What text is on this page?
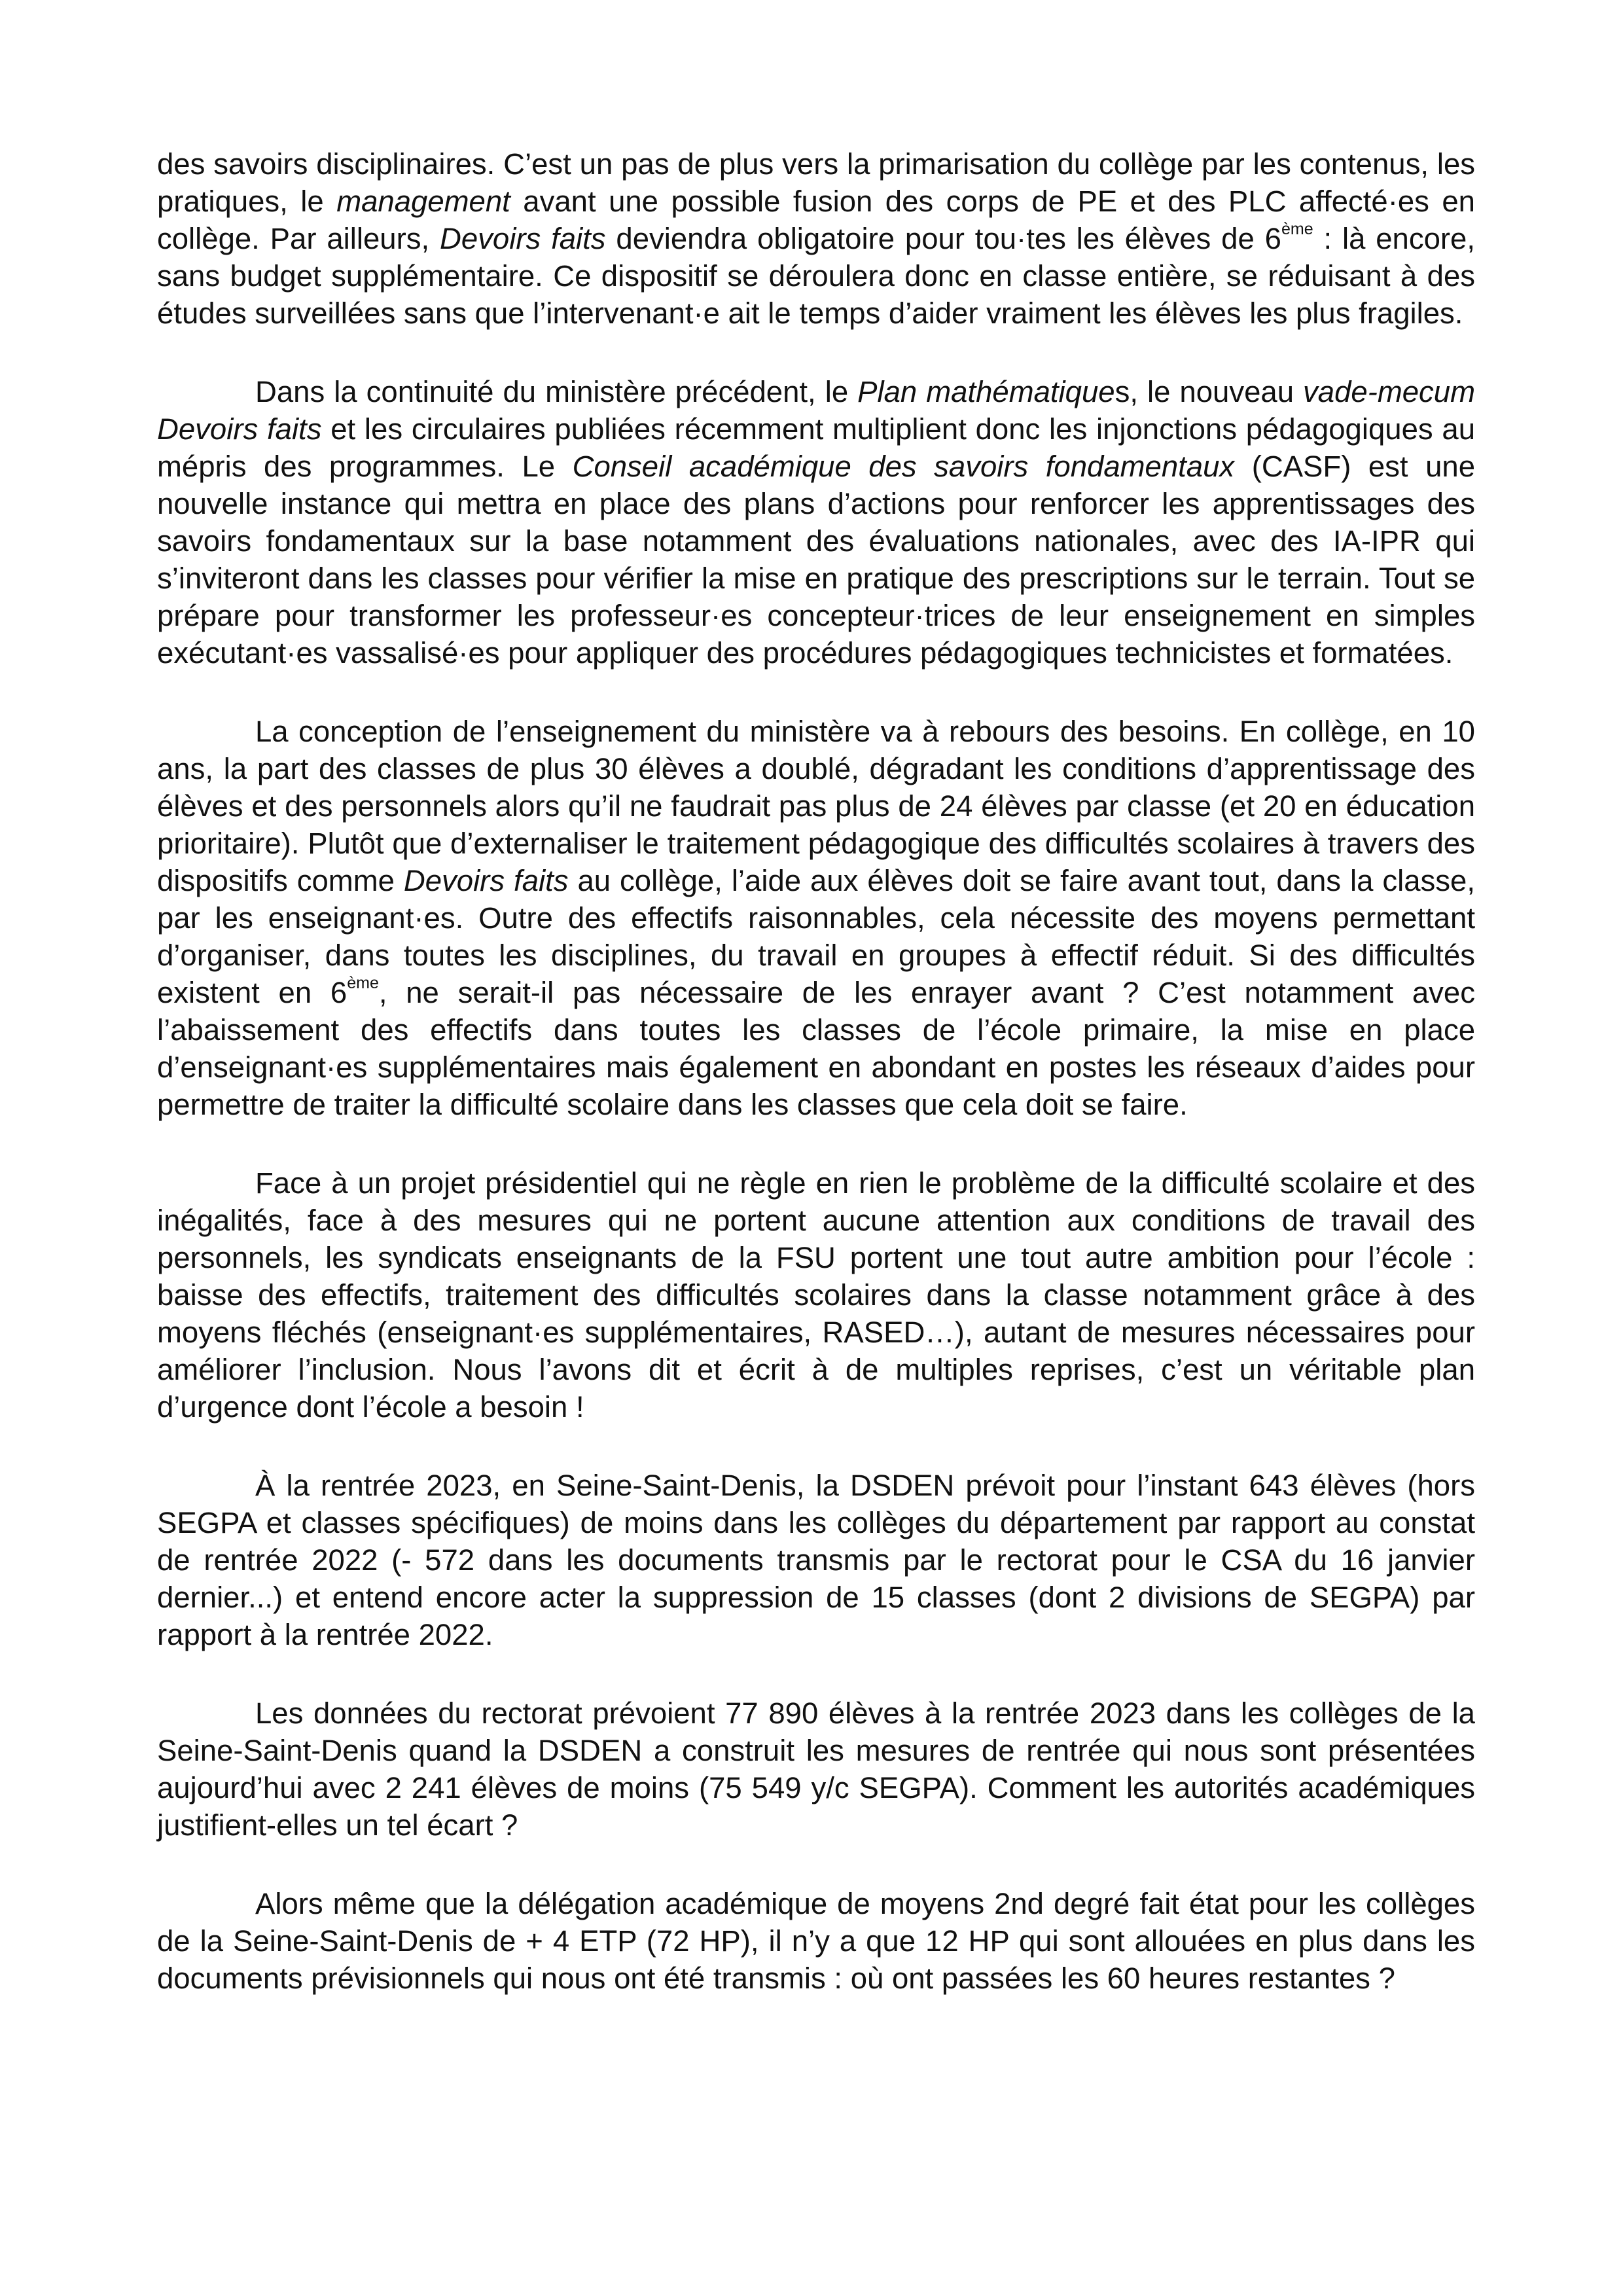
des savoirs disciplinaires. C’est un pas de plus vers la primarisation du collège par les contenus, les pratiques, le management avant une possible fusion des corps de PE et des PLC affecté·es en collège. Par ailleurs, Devoirs faits deviendra obligatoire pour tou·tes les élèves de 6ème : là encore, sans budget supplémentaire. Ce dispositif se déroulera donc en classe entière, se réduisant à des études surveillées sans que l’intervenant·e ait le temps d’aider vraiment les élèves les plus fragiles.

Dans la continuité du ministère précédent, le Plan mathématiques, le nouveau vade-mecum Devoirs faits et les circulaires publiées récemment multiplient donc les injonctions pédagogiques au mépris des programmes. Le Conseil académique des savoirs fondamentaux (CASF) est une nouvelle instance qui mettra en place des plans d’actions pour renforcer les apprentissages des savoirs fondamentaux sur la base notamment des évaluations nationales, avec des IA-IPR qui s’inviteront dans les classes pour vérifier la mise en pratique des prescriptions sur le terrain. Tout se prépare pour transformer les professeur·es concepteur·trices de leur enseignement en simples exécutant·es vassalisé·es pour appliquer des procédures pédagogiques technicistes et formatées.

La conception de l’enseignement du ministère va à rebours des besoins. En collège, en 10 ans, la part des classes de plus 30 élèves a doublé, dégradant les conditions d’apprentissage des élèves et des personnels alors qu’il ne faudrait pas plus de 24 élèves par classe (et 20 en éducation prioritaire). Plutôt que d’externaliser le traitement pédagogique des difficultés scolaires à travers des dispositifs comme Devoirs faits au collège, l’aide aux élèves doit se faire avant tout, dans la classe, par les enseignant·es. Outre des effectifs raisonnables, cela nécessite des moyens permettant d’organiser, dans toutes les disciplines, du travail en groupes à effectif réduit. Si des difficultés existent en 6ème, ne serait-il pas nécessaire de les enrayer avant ? C’est notamment avec l’abaissement des effectifs dans toutes les classes de l’école primaire, la mise en place d’enseignant·es supplémentaires mais également en abondant en postes les réseaux d’aides pour permettre de traiter la difficulté scolaire dans les classes que cela doit se faire.

Face à un projet présidentiel qui ne règle en rien le problème de la difficulté scolaire et des inégalités, face à des mesures qui ne portent aucune attention aux conditions de travail des personnels, les syndicats enseignants de la FSU portent une tout autre ambition pour l’école : baisse des effectifs, traitement des difficultés scolaires dans la classe notamment grâce à des moyens fléchés (enseignant·es supplémentaires, RASED…), autant de mesures nécessaires pour améliorer l’inclusion. Nous l’avons dit et écrit à de multiples reprises, c’est un véritable plan d’urgence dont l’école a besoin !

À la rentrée 2023, en Seine-Saint-Denis, la DSDEN prévoit pour l’instant 643 élèves (hors SEGPA et classes spécifiques) de moins dans les collèges du département par rapport au constat de rentrée 2022 (- 572 dans les documents transmis par le rectorat pour le CSA du 16 janvier dernier...) et entend encore acter la suppression de 15 classes (dont 2 divisions de SEGPA) par rapport à la rentrée 2022.

Les données du rectorat prévoient 77 890 élèves à la rentrée 2023 dans les collèges de la Seine-Saint-Denis quand la DSDEN a construit les mesures de rentrée qui nous sont présentées aujourd’hui avec 2 241 élèves de moins (75 549 y/c SEGPA). Comment les autorités académiques justifient-elles un tel écart ?

Alors même que la délégation académique de moyens 2nd degré fait état pour les collèges de la Seine-Saint-Denis de + 4 ETP (72 HP), il n’y a que 12 HP qui sont allouées en plus dans les documents prévisionnels qui nous ont été transmis : où ont passées les 60 heures restantes ?
